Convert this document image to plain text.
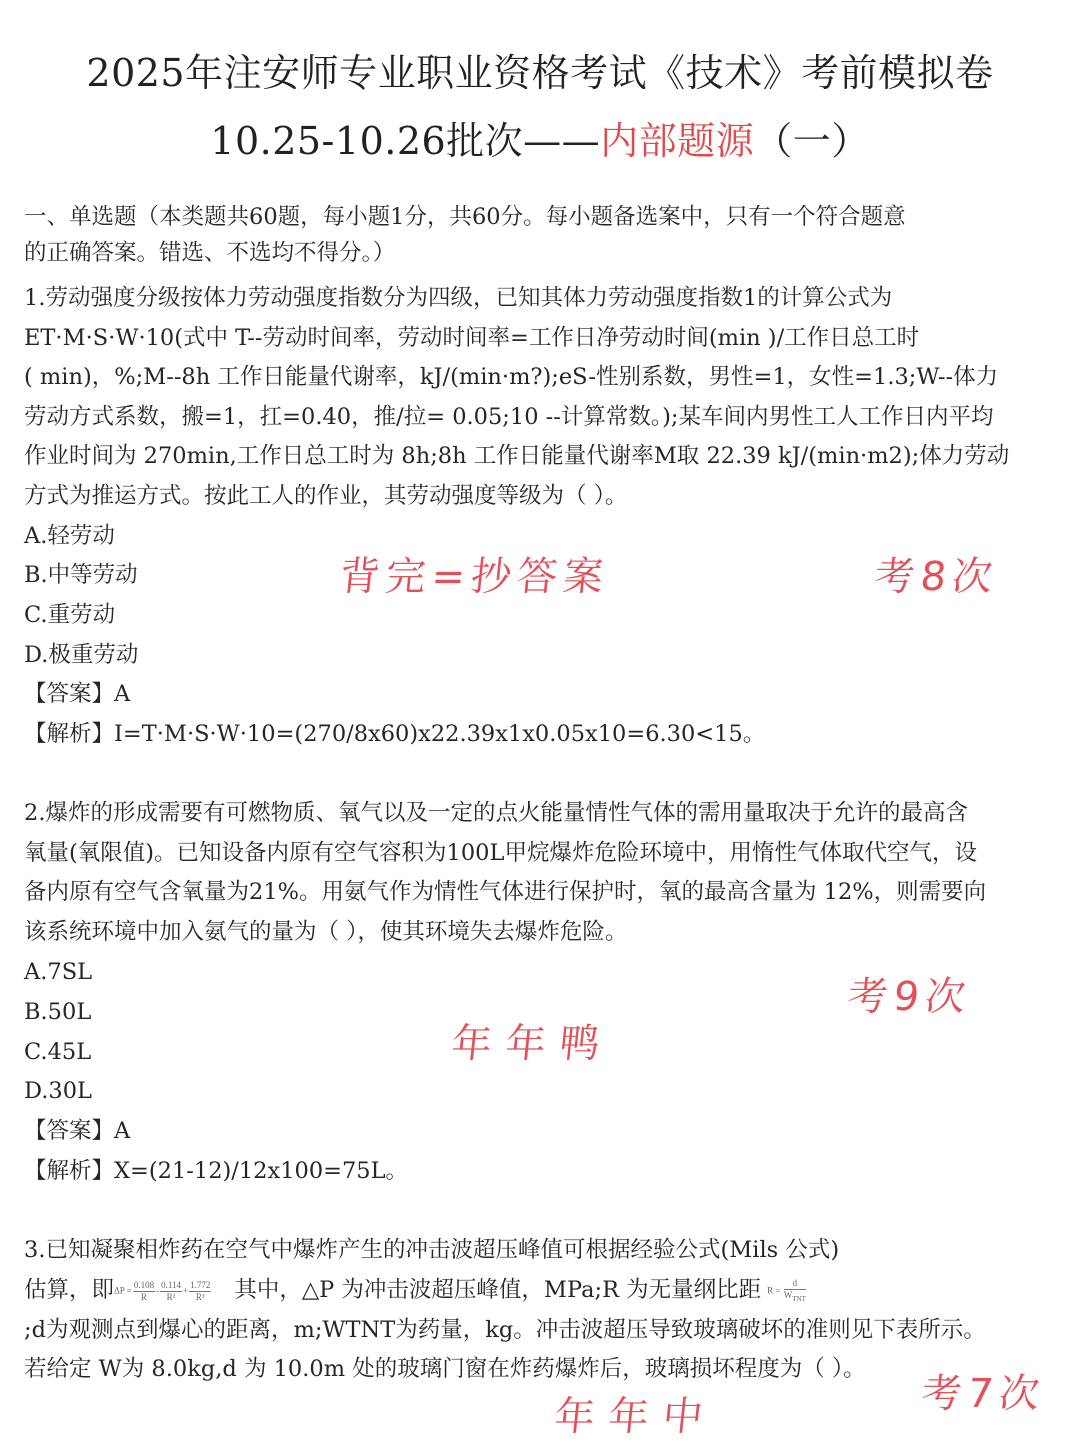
2025年注安师专业职业资格考试《技术》考前模拟卷
10.25-10.26批次——内部题源（一）
一、单选题（本类题共60题，每小题1分，共60分。每小题备选案中，只有一个符合题意
的正确答案。错选、不选均不得分。）
1.劳动强度分级按体力劳动强度指数分为四级，已知其体力劳动强度指数1的计算公式为
ET·M·S·W·10(式中 T--劳动时间率，劳动时间率=工作日净劳动时间(min )/工作日总工时
( min)，%;M--8h 工作日能量代谢率，kJ/(min·m?);eS-性别系数，男性=1，女性=1.3;W--体力
劳动方式系数，搬=1，扛=0.40，推/拉= 0.05;10 --计算常数。);某车间内男性工人工作日内平均
作业时间为 270min,工作日总工时为 8h;8h 工作日能量代谢率M取 22.39 kJ/(min·m2);体力劳动
方式为推运方式。按此工人的作业，其劳动强度等级为（ ）。
A.轻劳动
B.中等劳动
C.重劳动
D.极重劳动
【答案】A
【解析】I=T·M·S·W·10=(270/8x60)x22.39x1x0.05x10=6.30<15。
背完=抄答案	考8次
2.爆炸的形成需要有可燃物质、氧气以及一定的点火能量情性气体的需用量取决于允许的最高含
氧量(氧限值)。已知设备内原有空气容积为100L甲烷爆炸危险环境中，用惰性气体取代空气，设
备内原有空气含氧量为21%。用氨气作为情性气体进行保护时，氧的最高含量为 12%，则需要向
该系统环境中加入氨气的量为（ ），使其环境失去爆炸危险。
A.7SL
B.50L
C.45L
D.30L
【答案】A
【解析】X=(21-12)/12x100=75L。
考9次
年年鸭
3.已知凝聚相炸药在空气中爆炸产生的冲击波超压峰值可根据经验公式(Mils 公式)
估算，即$\Delta P = \frac{0.108}{R} - \frac{0.114}{\text{R²}} + \frac{1.772}{\text{R³}}$ 其中，△P 为冲击波超压峰值，MPa;R 为无量纲比距 $R = \frac{d}{W_{TNT}}$
;d为观测点到爆心的距离，m;WTNT为药量，kg。冲击波超压导致玻璃破坏的准则见下表所示。
若给定 W为 8.0kg,d 为 10.0m 处的玻璃门窗在炸药爆炸后，玻璃损坏程度为（ ）。
考7次
年年中
